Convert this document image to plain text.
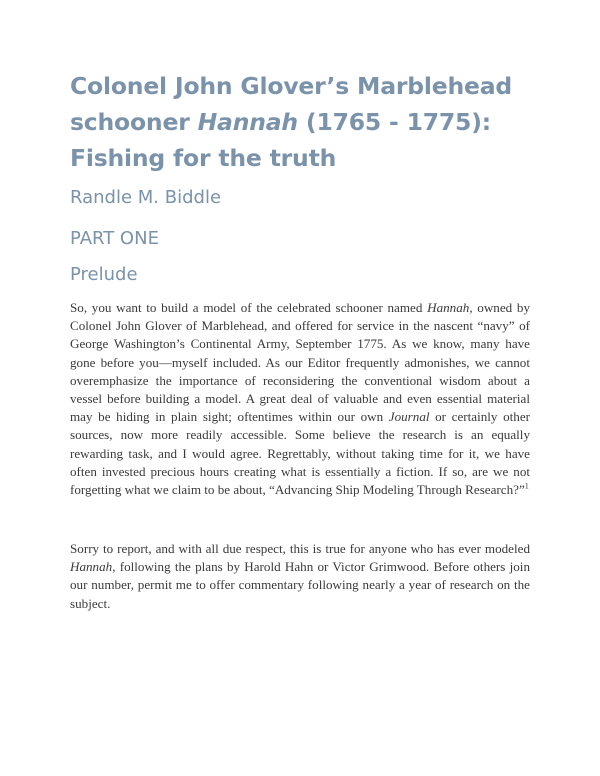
Colonel John Glover’s Marblehead
schooner Hannah (1765 - 1775):
Fishing for the truth
Randle M. Biddle
PART ONE
Prelude

So, you want to build a model of the celebrated schooner named Hannah, owned by Colonel John Glover of Marblehead, and offered for service in the nascent “navy” of George Washington’s Continental Army, September 1775. As we know, many have gone before you—myself included. As our Editor frequently admonishes, we cannot overemphasize the importance of reconsidering the conventional wisdom about a vessel before building a model. A great deal of valuable and even essential material may be hiding in plain sight; oftentimes within our own Journal or certainly other sources, now more readily accessible. Some believe the research is an equally rewarding task, and I would agree. Regrettably, without taking time for it, we have often invested precious hours creating what is essentially a fiction. If so, are we not forgetting what we claim to be about, “Advancing Ship Modeling Through Research?”$^1$

Sorry to report, and with all due respect, this is true for anyone who has ever modeled Hannah, following the plans by Harold Hahn or Victor Grimwood. Before others join our number, permit me to offer commentary following nearly a year of research on the subject.
